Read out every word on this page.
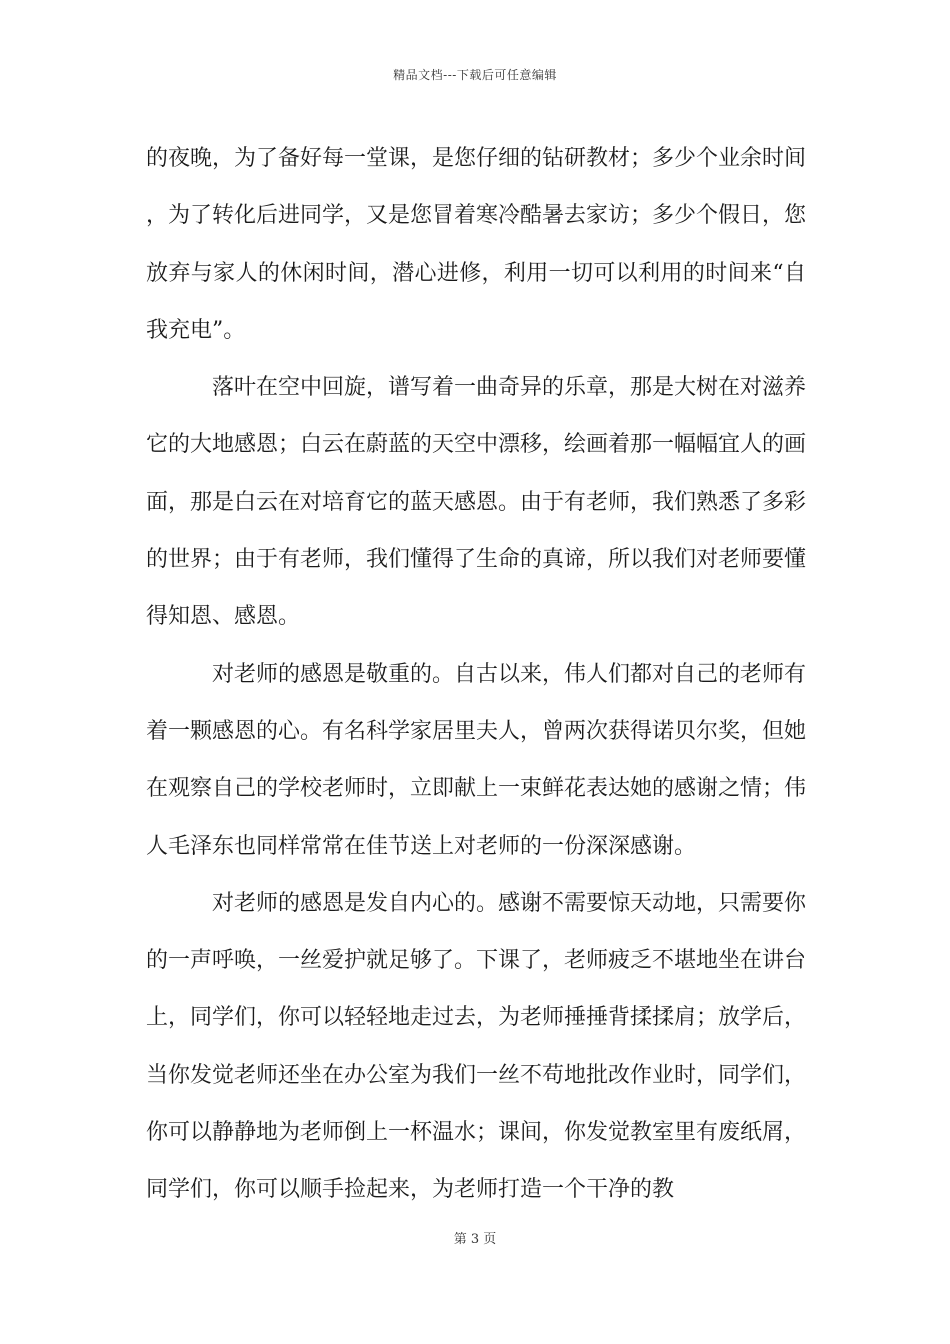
精品文档---下载后可任意编辑

的夜晚，为了备好每一堂课，是您仔细的钻研教材；多少个业余时间，为了转化后进同学，又是您冒着寒冷酷暑去家访；多少个假日，您放弃与家人的休闲时间，潜心进修，利用一切可以利用的时间来“自我充电”。

落叶在空中回旋，谱写着一曲奇异的乐章，那是大树在对滋养它的大地感恩；白云在蔚蓝的天空中漂移，绘画着那一幅幅宜人的画面，那是白云在对培育它的蓝天感恩。由于有老师，我们熟悉了多彩的世界；由于有老师，我们懂得了生命的真谛，所以我们对老师要懂得知恩、感恩。

对老师的感恩是敬重的。自古以来，伟人们都对自己的老师有着一颗感恩的心。有名科学家居里夫人，曾两次获得诺贝尔奖，但她在观察自己的学校老师时，立即献上一束鲜花表达她的感谢之情；伟人毛泽东也同样常常在佳节送上对老师的一份深深感谢。

对老师的感恩是发自内心的。感谢不需要惊天动地，只需要你的一声呼唤，一丝爱护就足够了。下课了，老师疲乏不堪地坐在讲台上，同学们，你可以轻轻地走过去，为老师捶捶背揉揉肩；放学后，当你发觉老师还坐在办公室为我们一丝不苟地批改作业时，同学们，你可以静静地为老师倒上一杯温水；课间，你发觉教室里有废纸屑，同学们，你可以顺手捡起来，为老师打造一个干净的教

第 3 页
